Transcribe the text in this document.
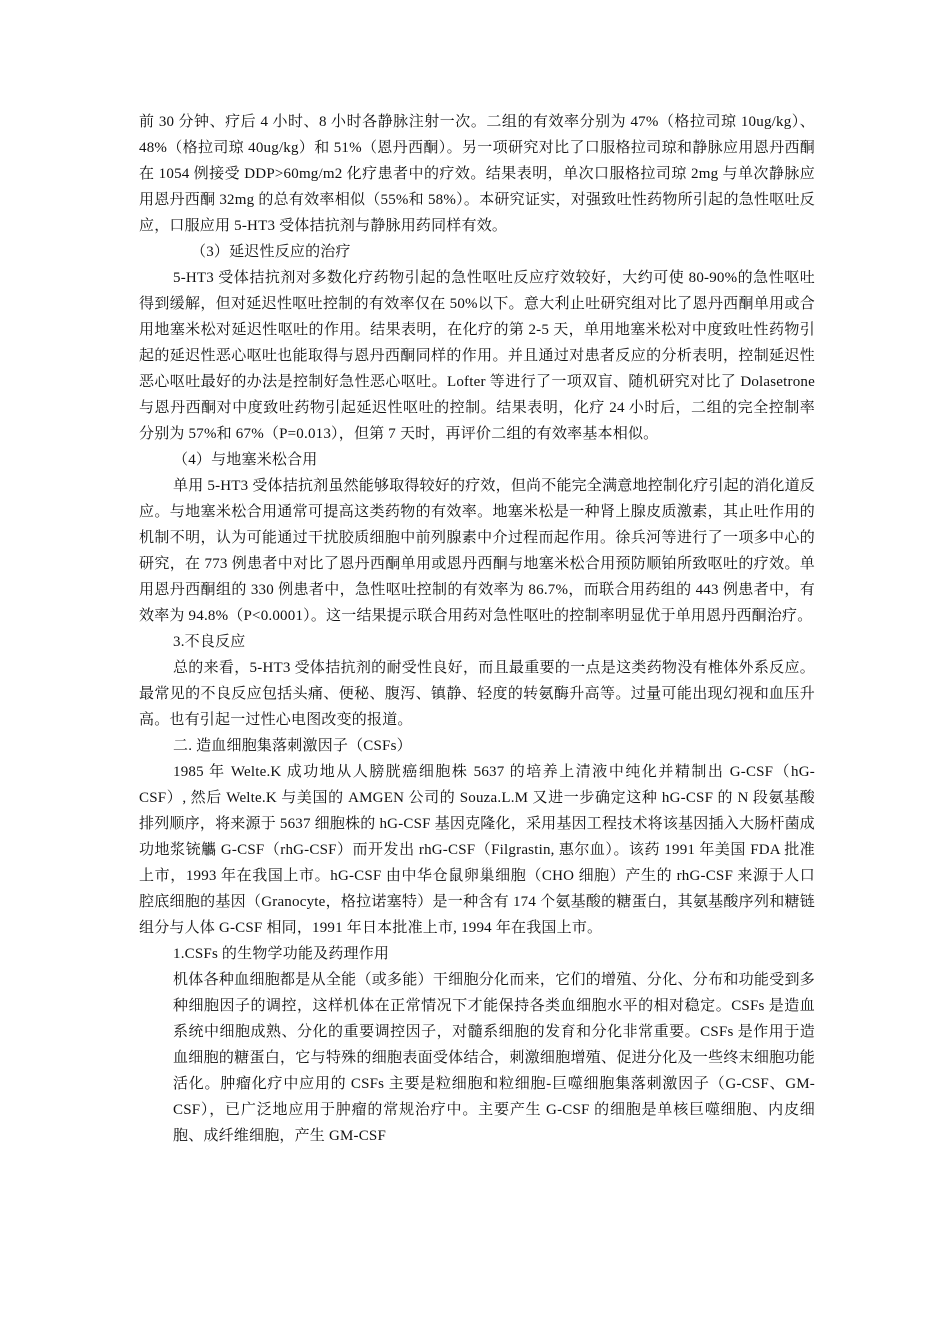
前 30 分钟、疗后 4 小时、8 小时各静脉注射一次。二组的有效率分别为 47%（格拉司琼 10ug/kg）、48%（格拉司琼 40ug/kg）和 51%（恩丹西酮）。另一项研究对比了口服格拉司琼和静脉应用恩丹西酮在 1054 例接受 DDP>60mg/m2 化疗患者中的疗效。结果表明，单次口服格拉司琼 2mg 与单次静脉应用恩丹西酮 32mg 的总有效率相似（55%和 58%）。本研究证实，对强致吐性药物所引起的急性呕吐反应，口服应用 5-HT3 受体拮抗剂与静脉用药同样有效。

（3）延迟性反应的治疗

5-HT3 受体拮抗剂对多数化疗药物引起的急性呕吐反应疗效较好，大约可使 80-90%的急性呕吐得到缓解，但对延迟性呕吐控制的有效率仅在 50%以下。意大利止吐研究组对比了恩丹西酮单用或合用地塞米松对延迟性呕吐的作用。结果表明，在化疗的第 2-5 天，单用地塞米松对中度致吐性药物引起的延迟性恶心呕吐也能取得与恩丹西酮同样的作用。并且通过对患者反应的分析表明，控制延迟性恶心呕吐最好的办法是控制好急性恶心呕吐。Lofter 等进行了一项双盲、随机研究对比了 Dolasetrone 与恩丹西酮对中度致吐药物引起延迟性呕吐的控制。结果表明，化疗 24 小时后，二组的完全控制率分别为 57%和 67%（P=0.013），但第 7 天时，再评价二组的有效率基本相似。

（4）与地塞米松合用

单用 5-HT3 受体拮抗剂虽然能够取得较好的疗效，但尚不能完全满意地控制化疗引起的消化道反应。与地塞米松合用通常可提高这类药物的有效率。地塞米松是一种肾上腺皮质激素，其止吐作用的机制不明，认为可能通过干扰胶质细胞中前列腺素中介过程而起作用。徐兵河等进行了一项多中心的研究，在 773 例患者中对比了恩丹西酮单用或恩丹西酮与地塞米松合用预防顺铂所致呕吐的疗效。单用恩丹西酮组的 330 例患者中，急性呕吐控制的有效率为 86.7%，而联合用药组的 443 例患者中，有效率为 94.8%（P<0.0001）。这一结果提示联合用药对急性呕吐的控制率明显优于单用恩丹西酮治疗。

3.不良反应

总的来看，5-HT3 受体拮抗剂的耐受性良好，而且最重要的一点是这类药物没有椎体外系反应。最常见的不良反应包括头痛、便秘、腹泻、镇静、轻度的转氨酶升高等。过量可能出现幻视和血压升高。也有引起一过性心电图改变的报道。

二. 造血细胞集落刺激因子（CSFs）

1985 年 Welte.K 成功地从人膀胱癌细胞株 5637 的培养上清液中纯化并精制出 G-CSF（hG-CSF）, 然后 Welte.K 与美国的 AMGEN 公司的 Souza.L.M 又进一步确定这种 hG-CSF 的 N 段氨基酸排列顺序，将来源于 5637 细胞株的 hG-CSF 基因克隆化，采用基因工程技术将该基因插入大肠杆菌成功地浆铳觿 G-CSF（rhG-CSF）而开发出 rhG-CSF（Filgrastin, 惠尔血）。该药 1991 年美国 FDA 批准上市，1993 年在我国上市。hG-CSF 由中华仓鼠卵巢细胞（CHO 细胞）产生的 rhG-CSF 来源于人口腔底细胞的基因（Granocyte，格拉诺塞特）是一种含有 174 个氨基酸的糖蛋白，其氨基酸序列和糖链组分与人体 G-CSF 相同，1991 年日本批准上市, 1994 年在我国上市。

1.CSFs 的生物学功能及药理作用

机体各种血细胞都是从全能（或多能）干细胞分化而来，它们的增殖、分化、分布和功能受到多种细胞因子的调控，这样机体在正常情况下才能保持各类血细胞水平的相对稳定。CSFs 是造血系统中细胞成熟、分化的重要调控因子，对髓系细胞的发育和分化非常重要。CSFs 是作用于造血细胞的糖蛋白，它与特殊的细胞表面受体结合，刺激细胞增殖、促进分化及一些终末细胞功能活化。肿瘤化疗中应用的 CSFs 主要是粒细胞和粒细胞-巨噬细胞集落刺激因子（G-CSF、GM-CSF），已广泛地应用于肿瘤的常规治疗中。主要产生 G-CSF 的细胞是单核巨噬细胞、内皮细胞、成纤维细胞，产生 GM-CSF
